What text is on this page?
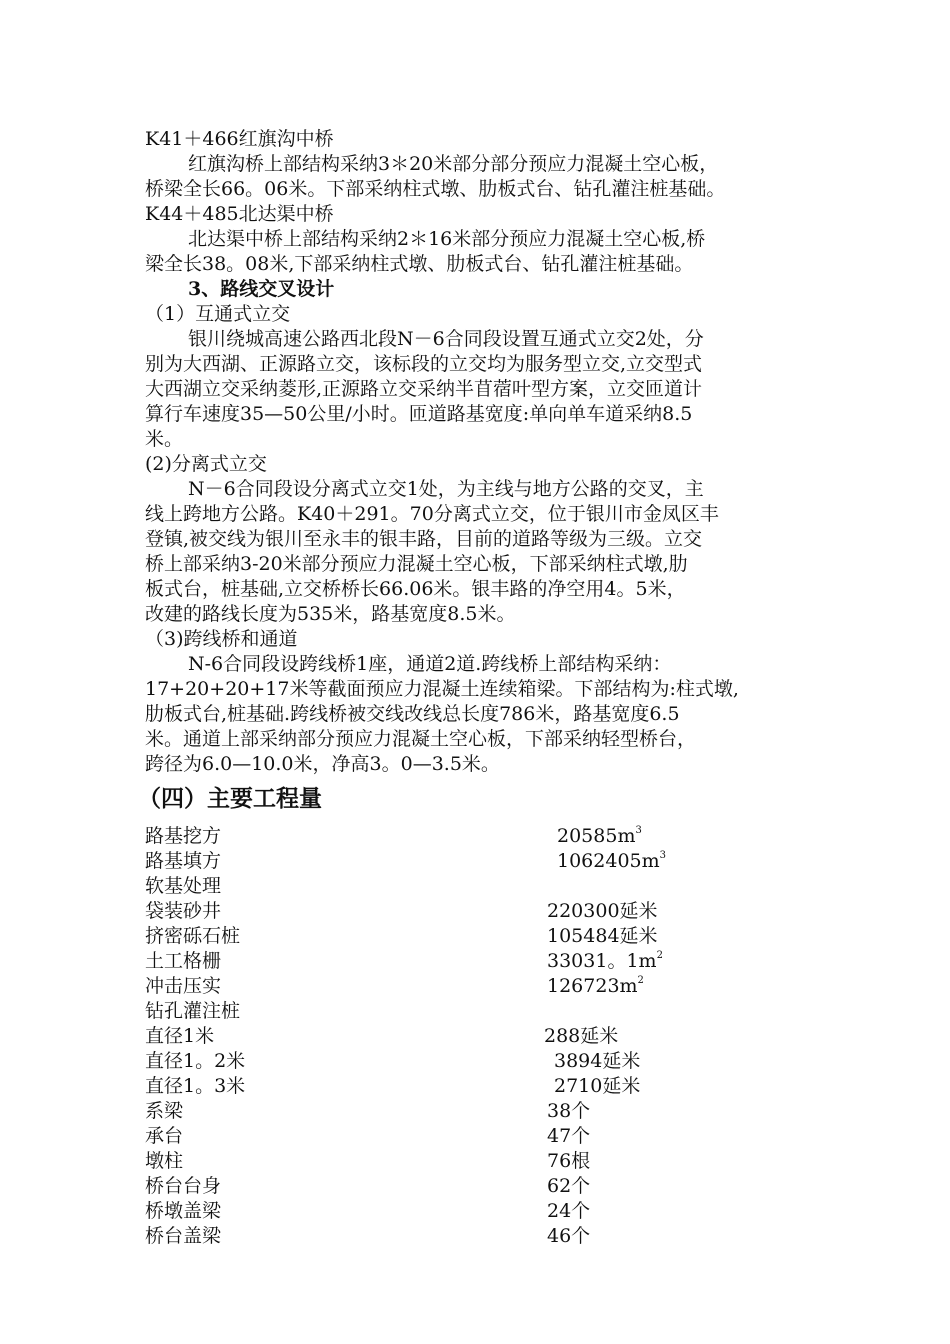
K41＋466红旗沟中桥
红旗沟桥上部结构采纳3＊20米部分部分预应力混凝土空心板，
桥梁全长66。06米。下部采纳柱式墩、肋板式台、钻孔灌注桩基础。
K44＋485北达渠中桥
北达渠中桥上部结构采纳2＊16米部分预应力混凝土空心板,桥
梁全长38。08米,下部采纳柱式墩、肋板式台、钻孔灌注桩基础。
3、路线交叉设计
（1）互通式立交
银川绕城高速公路西北段N－6合同段设置互通式立交2处，分
别为大西湖、正源路立交，该标段的立交均为服务型立交,立交型式
大西湖立交采纳菱形,正源路立交采纳半苜蓿叶型方案，立交匝道计
算行车速度35—50公里/小时。匝道路基宽度:单向单车道采纳8.5
米。
(2)分离式立交
N－6合同段设分离式立交1处，为主线与地方公路的交叉，主
线上跨地方公路。K40＋291。70分离式立交，位于银川市金凤区丰
登镇,被交线为银川至永丰的银丰路，目前的道路等级为三级。立交
桥上部采纳3-20米部分预应力混凝土空心板，下部采纳柱式墩,肋
板式台，桩基础,立交桥桥长66.06米。银丰路的净空用4。5米，
改建的路线长度为535米，路基宽度8.5米。
（3)跨线桥和通道
N-6合同段设跨线桥1座，通道2道.跨线桥上部结构采纳：
17+20+20+17米等截面预应力混凝土连续箱梁。下部结构为:柱式墩,
肋板式台,桩基础.跨线桥被交线改线总长度786米，路基宽度6.5
米。通道上部采纳部分预应力混凝土空心板，下部采纳轻型桥台，
跨径为6.0—10.0米，净高3。0—3.5米。
（四）主要工程量
路基挖方	$20585m^3$
路基填方	$1062405m^3$
软基处理
袋装砂井	220300延米
挤密砾石桩	105484延米
土工格栅	33031。$1m^2$
冲击压实	$126723m^2$
钻孔灌注桩
直径1米	288延米
直径1。2米	3894延米
直径1。3米	2710延米
系梁	38个
承台	47个
墩柱	76根
桥台台身	62个
桥墩盖梁	24个
桥台盖梁	46个
